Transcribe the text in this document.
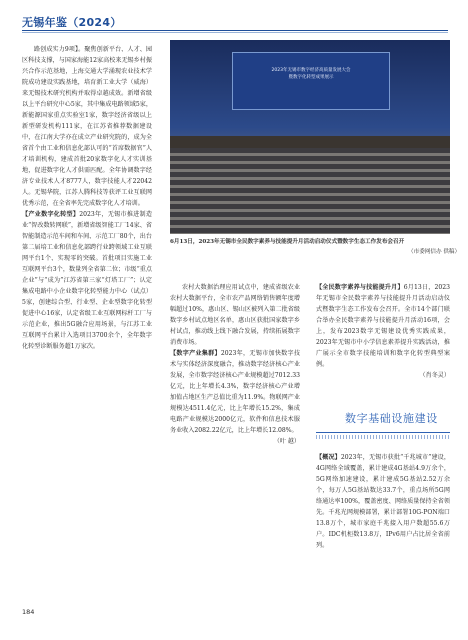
无锡年鉴（2024）

路创成实力9项】。聚焦创新平台、人才、园区科技支撑，与国家海能12家高校来无锡乡村振兴合作示范基地，上海交通大学涌现农业技术学院成功建设实践基地，培育新工业大学（威海）来无锡技术研究机构并取得卓越成效。新增省级以上平台研究中心5家，其中集成电路领域5家，新能源国家重点实验室1家，数字经济省级以上新型研发机构111家，在江苏省推荐数据建设中，在江南大学亦在成立产业研究院的，成为全省首个由工业和信息化部认可的“首席数据官”人才培训机构，建成首批20家数字化人才实训基地，促进数字化人才供需匹配。全年协调数字经济专业技术人才8777人，数字技能人才22042人。无锡华院，江苏人腾科技等获评工业互联网优秀示范，在全省率先完成数字化人才培训。

【产业数字化转型】2023年，无锡市推进制造业“智改数转网联”，新增省级智能工厂14家、省智能制造示范车间和车间、示范工厂80个，出台第二届培工业和信息化部跨行业跨领域工业互联网平台1个、实现零的突破。首批项目实施工业互联网平台3个，数量列全省第二位；市级“重点企业”与“成为”江苏省第三家“灯塔工厂”；认定集成电路中小企业数字化转型能力中心（试点）5家，创建综合型、行业型、企业型数字化转型促进中心16家，认定省级工业互联网标杆工厂与示范企业，推出5G融合应用场景，与江苏工业互联网平台累计入选项目3700余个，全年数字化转型诊断服务超1万家次。

2023年无锡市数字经济高质量发展大会
暨数字化转型成果展示
6月13日，2023年无锡市全民数字素养与技能提升月活动启动仪式暨数字生态工作发布会召开
（市委网信办 供稿）

农村大数据治理应用试点中，建成省级农业农村大数据平台，全市农产品网络销售额年度增幅超过10%，惠山区、锡山区被列入第二批省级数字乡村试点地区名单，惠山区获批国家数字乡村试点，推动线上线下融合发展，持续拓展数字消费市场。

【数字产业集群】2023年，无锡市加快数字技术与实体经济深度融合，推动数字经济核心产业发展，全市数字经济核心产业规模超过7012.33亿元，比上年增长4.3%，数字经济核心产业增加值占地区生产总值比重为11.9%。物联网产业规模达4511.4亿元，比上年增长15.2%，集成电路产业规模达2000亿元，软件和信息技术服务业收入2082.22亿元，比上年增长12.08%。

（叶 越）

【全民数字素养与技能提升月】6月13日，2023年无锡市全民数字素养与技能提升月活动启动仪式暨数字生态工作发布会召开。全市14个部门联合举办全民数字素养与技能提升月活动16项，会上，发布2023数字无锡建设优秀实践成果，2023年无锡市中小学信息素养提升实践活动，推广展示全市数字技能培训和数字化转型典型案例。

（肖冬灵）

数字基础设施建设

【概况】2023年，无锡市获批“千兆城市”建设，4G网络全域覆盖，累计建成4G基站4.9万余个，5G网络加速建设，累计建成5G基站2.52万余个，每万人5G基站数达33.7个，重点场所5G网络通达率100%，覆盖密度、网络质量保持全省领先。千兆光网规模部署，累计部署10G-PON端口13.8万个，城市家庭千兆接入用户数超55.6万户。IDC机柜数13.8万，IPv6用户占比居全省前列。

184
